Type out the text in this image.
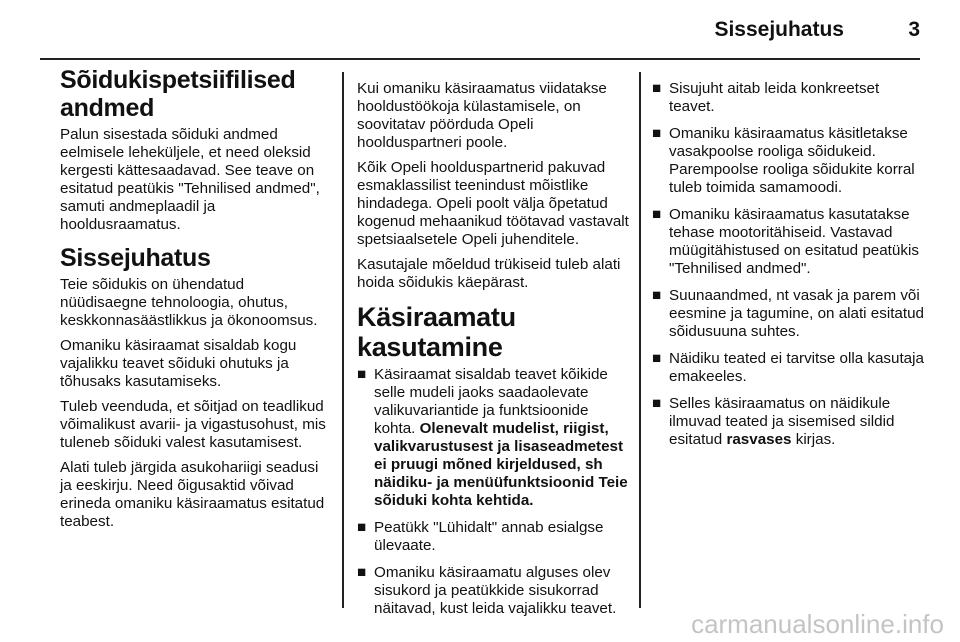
Sissejuhatus	3
Sõidukispetsiifilised andmed

Palun sisestada sõiduki andmed eelmisele leheküljele, et need oleksid kergesti kättesaadavad. See teave on esitatud peatükis "Tehnilised andmed", samuti andmeplaadil ja hooldusraamatus.

Sissejuhatus

Teie sõidukis on ühendatud nüüdisaegne tehnoloogia, ohutus, keskkonnasäästlikkus ja ökonoomsus.

Omaniku käsiraamat sisaldab kogu vajalikku teavet sõiduki ohutuks ja tõhusaks kasutamiseks.

Tuleb veenduda, et sõitjad on teadlikud võimalikust avarii- ja vigastusohust, mis tuleneb sõiduki valest kasutamisest.

Alati tuleb järgida asukohariigi seadusi ja eeskirju. Need õigusaktid võivad erineda omaniku käsiraamatus esitatud teabest.

Kui omaniku käsiraamatus viidatakse hooldustöökoja külastamisele, on soovitatav pöörduda Opeli hoolduspartneri poole.

Kõik Opeli hoolduspartnerid pakuvad esmaklassilist teenindust mõistlike hindadega. Opeli poolt välja õpetatud kogenud mehaanikud töötavad vastavalt spetsiaalsetele Opeli juhenditele.

Kasutajale mõeldud trükiseid tuleb alati hoida sõidukis käepärast.

Käsiraamatu kasutamine
■ Käsiraamat sisaldab teavet kõikide selle mudeli jaoks saadaolevate valikuvariantide ja funktsioonide kohta. Olenevalt mudelist, riigist, valikvarustusest ja lisaseadmetest ei pruugi mõned kirjeldused, sh näidiku- ja menüüfunktsioonid Teie sõiduki kohta kehtida.
■ Peatükk "Lühidalt" annab esialgse ülevaate.
■ Omaniku käsiraamatu alguses olev sisukord ja peatükkide sisukorrad näitavad, kust leida vajalikku teavet.
■ Sisujuht aitab leida konkreetset teavet.
■ Omaniku käsiraamatus käsitletakse vasakpoolse rooliga sõidukeid. Parempoolse rooliga sõidukite korral tuleb toimida samamoodi.
■ Omaniku käsiraamatus kasutatakse tehase mootoritähiseid. Vastavad müügitähistused on esitatud peatükis "Tehnilised andmed".
■ Suunaandmed, nt vasak ja parem või eesmine ja tagumine, on alati esitatud sõidusuuna suhtes.
■ Näidiku teated ei tarvitse olla kasutaja emakeeles.
■ Selles käsiraamatus on näidikule ilmuvad teated ja sisemised sildid esitatud rasvases kirjas.
carmanualsonline.info
